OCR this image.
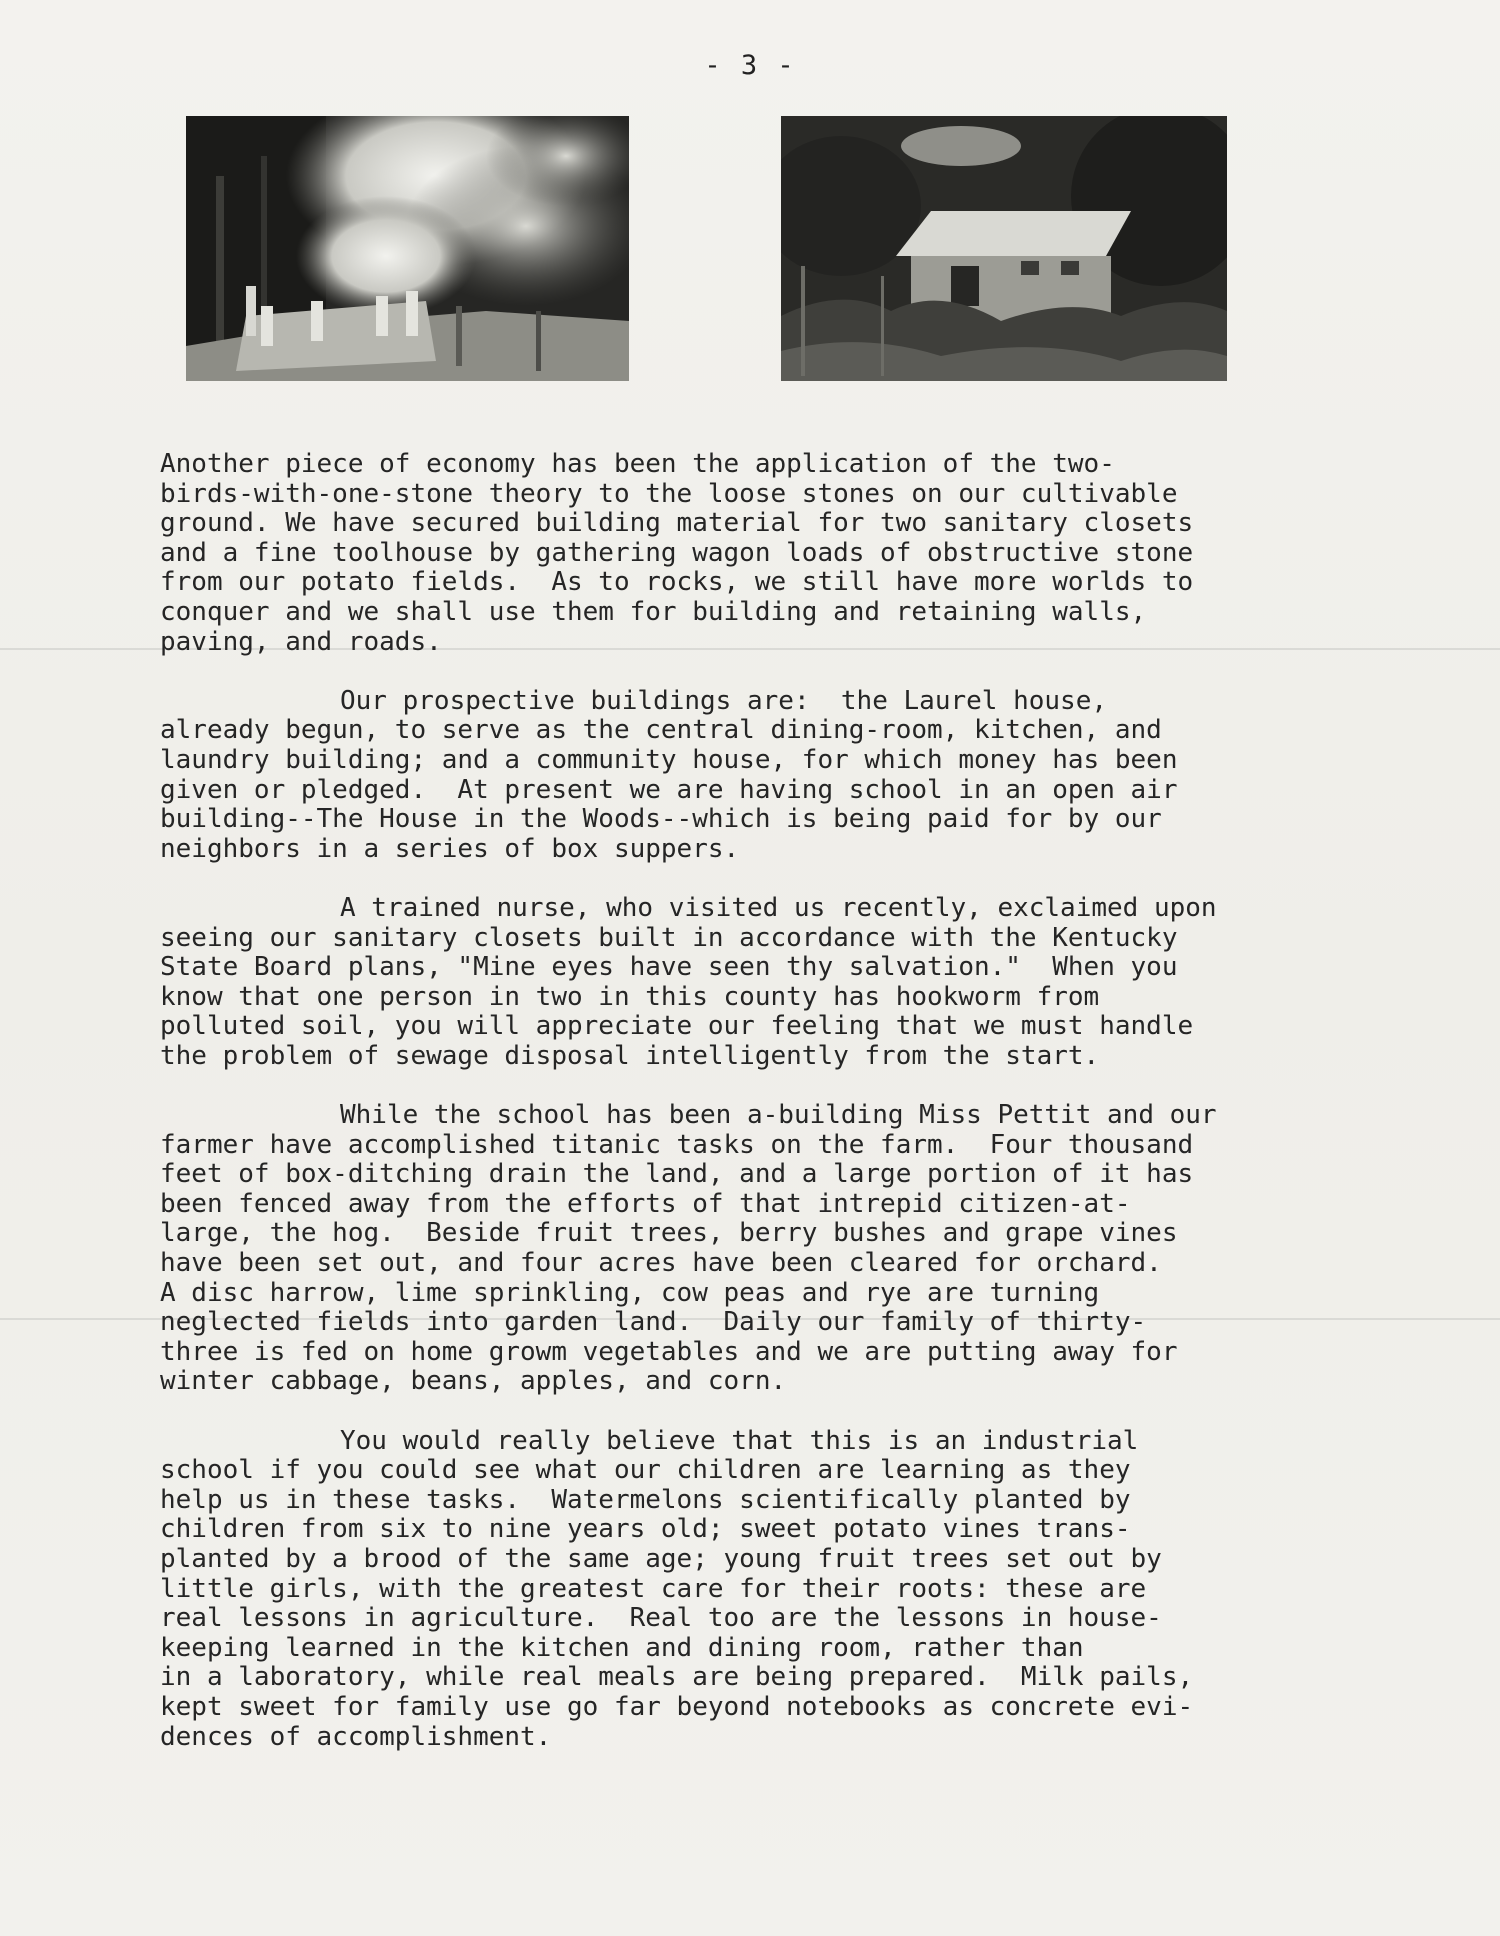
- 3 -
Another piece of economy has been the application of the two-
birds-with-one-stone theory to the loose stones on our cultivable
ground. We have secured building material for two sanitary closets
and a fine toolhouse by gathering wagon loads of obstructive stone
from our potato fields.  As to rocks, we still have more worlds to
conquer and we shall use them for building and retaining walls,
paving, and roads.
Our prospective buildings are:  the Laurel house,
already begun, to serve as the central dining-room, kitchen, and
laundry building; and a community house, for which money has been
given or pledged.  At present we are having school in an open air
building--The House in the Woods--which is being paid for by our
neighbors in a series of box suppers.
A trained nurse, who visited us recently, exclaimed upon
seeing our sanitary closets built in accordance with the Kentucky
State Board plans, "Mine eyes have seen thy salvation."  When you
know that one person in two in this county has hookworm from
polluted soil, you will appreciate our feeling that we must handle
the problem of sewage disposal intelligently from the start.
While the school has been a-building Miss Pettit and our
farmer have accomplished titanic tasks on the farm.  Four thousand
feet of box-ditching drain the land, and a large portion of it has
been fenced away from the efforts of that intrepid citizen-at-
large, the hog.  Beside fruit trees, berry bushes and grape vines
have been set out, and four acres have been cleared for orchard.
A disc harrow, lime sprinkling, cow peas and rye are turning
neglected fields into garden land.  Daily our family of thirty-
three is fed on home growm vegetables and we are putting away for
winter cabbage, beans, apples, and corn.
You would really believe that this is an industrial
school if you could see what our children are learning as they
help us in these tasks.  Watermelons scientifically planted by
children from six to nine years old; sweet potato vines trans-
planted by a brood of the same age; young fruit trees set out by
little girls, with the greatest care for their roots: these are
real lessons in agriculture.  Real too are the lessons in house-
keeping learned in the kitchen and dining room, rather than
in a laboratory, while real meals are being prepared.  Milk pails,
kept sweet for family use go far beyond notebooks as concrete evi-
dences of accomplishment.
